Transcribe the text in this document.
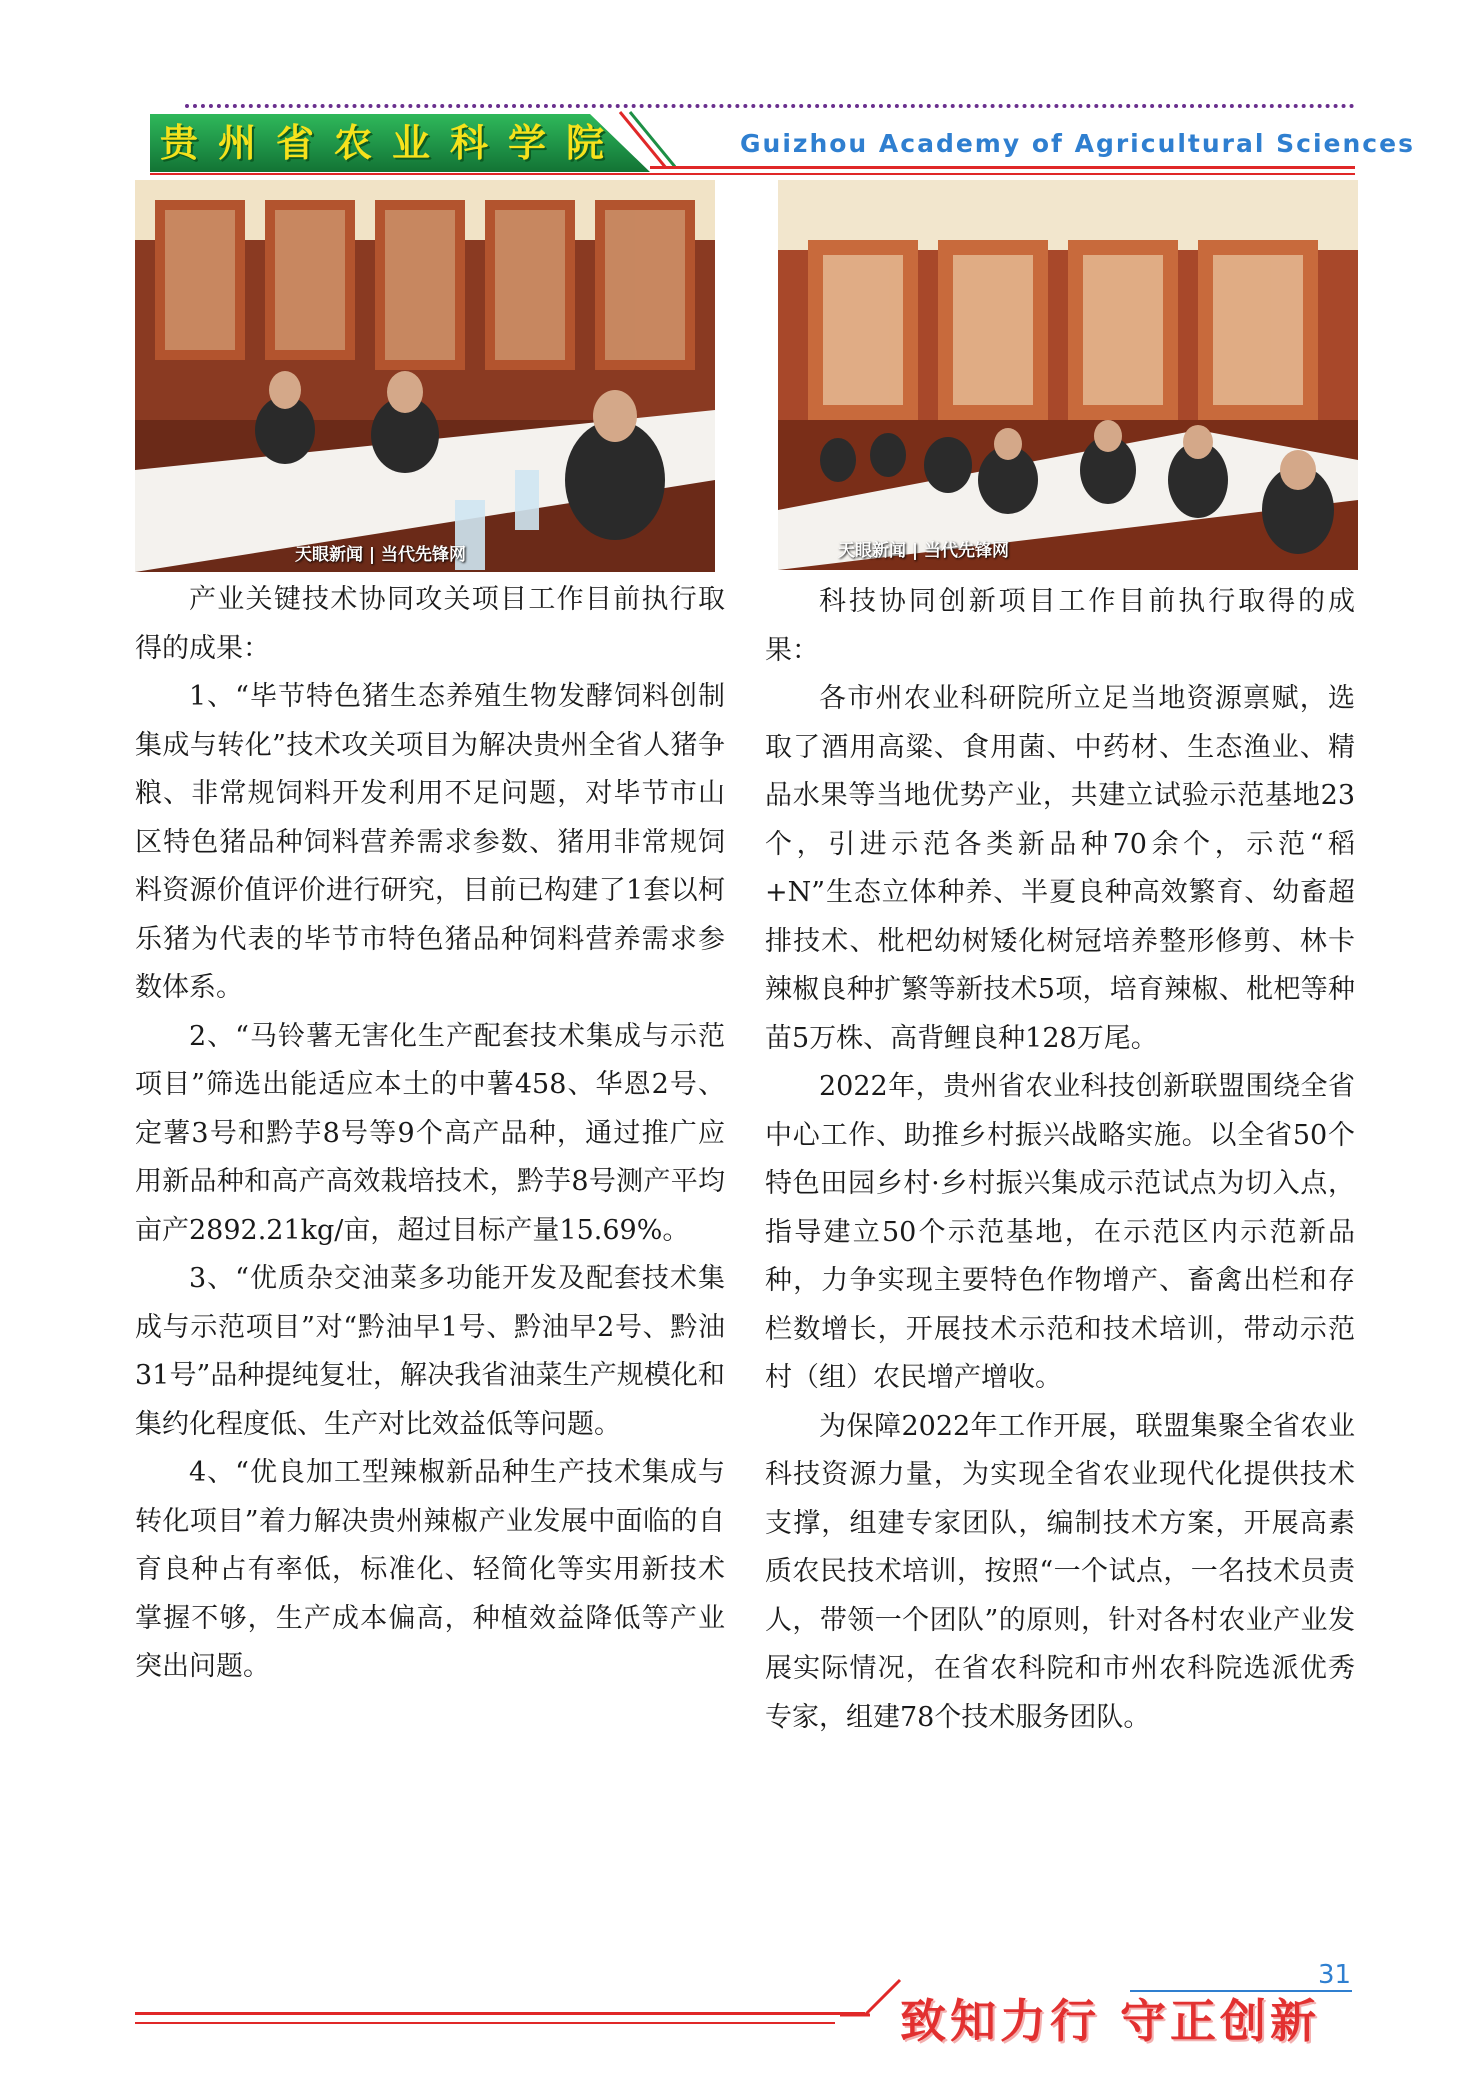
贵州省农业科学院	Guizhou Academy of Agricultural Sciences
天眼新闻 | 当代先锋网	天眼新闻 | 当代先锋网

产业关键技术协同攻关项目工作目前执行取得的成果：

1、“毕节特色猪生态养殖生物发酵饲料创制集成与转化”技术攻关项目为解决贵州全省人猪争粮、非常规饲料开发利用不足问题，对毕节市山区特色猪品种饲料营养需求参数、猪用非常规饲料资源价值评价进行研究，目前已构建了1套以柯乐猪为代表的毕节市特色猪品种饲料营养需求参数体系。

2、“马铃薯无害化生产配套技术集成与示范项目”筛选出能适应本土的中薯458、华恩2号、定薯3号和黔芋8号等9个高产品种，通过推广应用新品种和高产高效栽培技术，黔芋8号测产平均亩产2892.21kg/亩，超过目标产量15.69%。

3、“优质杂交油菜多功能开发及配套技术集成与示范项目”对“黔油早1号、黔油早2号、黔油31号”品种提纯复壮，解决我省油菜生产规模化和集约化程度低、生产对比效益低等问题。

4、“优良加工型辣椒新品种生产技术集成与转化项目”着力解决贵州辣椒产业发展中面临的自育良种占有率低，标准化、轻简化等实用新技术掌握不够，生产成本偏高，种植效益降低等产业突出问题。

科技协同创新项目工作目前执行取得的成果：

各市州农业科研院所立足当地资源禀赋，选取了酒用高粱、食用菌、中药材、生态渔业、精品水果等当地优势产业，共建立试验示范基地23个，引进示范各类新品种70余个，示范“稻+N”生态立体种养、半夏良种高效繁育、幼畜超排技术、枇杷幼树矮化树冠培养整形修剪、林卡辣椒良种扩繁等新技术5项，培育辣椒、枇杷等种苗5万株、高背鲤良种128万尾。

2022年，贵州省农业科技创新联盟围绕全省中心工作、助推乡村振兴战略实施。以全省50个特色田园乡村·乡村振兴集成示范试点为切入点，指导建立50个示范基地，在示范区内示范新品种，力争实现主要特色作物增产、畜禽出栏和存栏数增长，开展技术示范和技术培训，带动示范村（组）农民增产增收。

为保障2022年工作开展，联盟集聚全省农业科技资源力量，为实现全省农业现代化提供技术支撑，组建专家团队，编制技术方案，开展高素质农民技术培训，按照“一个试点，一名技术员责人，带领一个团队”的原则，针对各村农业产业发展实际情况，在省农科院和市州农科院选派优秀专家，组建78个技术服务团队。

31
致知力行 守正创新
